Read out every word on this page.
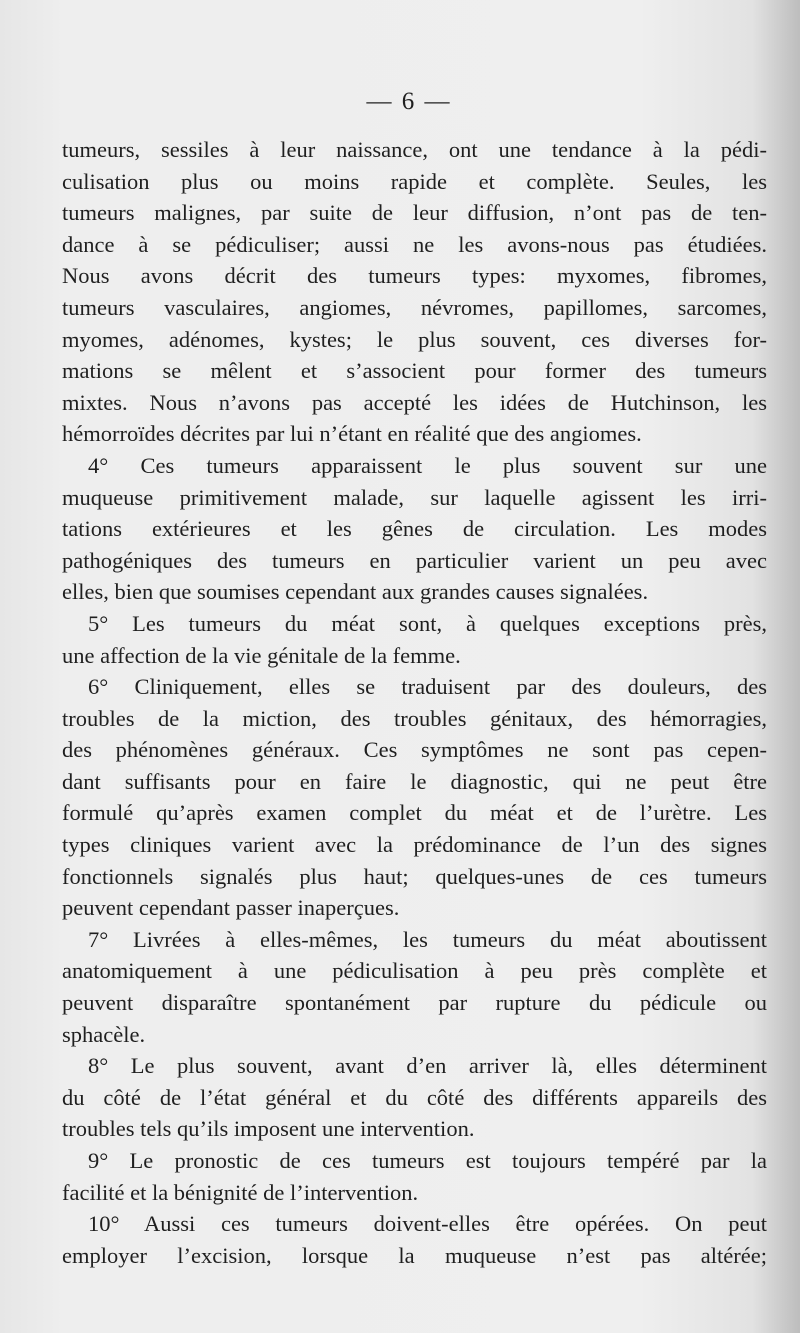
— 6 —
tumeurs, sessiles à leur naissance, ont une tendance à la pédi-
culisation plus ou moins rapide et complète. Seules, les
tumeurs malignes, par suite de leur diffusion, n’ont pas de ten-
dance à se pédiculiser; aussi ne les avons-nous pas étudiées.
Nous avons décrit des tumeurs types: myxomes, fibromes,
tumeurs vasculaires, angiomes, névromes, papillomes, sarcomes,
myomes, adénomes, kystes; le plus souvent, ces diverses for-
mations se mêlent et s’associent pour former des tumeurs
mixtes. Nous n’avons pas accepté les idées de Hutchinson, les
hémorroïdes décrites par lui n’étant en réalité que des angiomes.
4° Ces tumeurs apparaissent le plus souvent sur une
muqueuse primitivement malade, sur laquelle agissent les irri-
tations extérieures et les gênes de circulation. Les modes
pathogéniques des tumeurs en particulier varient un peu avec
elles, bien que soumises cependant aux grandes causes signalées.
5° Les tumeurs du méat sont, à quelques exceptions près,
une affection de la vie génitale de la femme.
6° Cliniquement, elles se traduisent par des douleurs, des
troubles de la miction, des troubles génitaux, des hémorragies,
des phénomènes généraux. Ces symptômes ne sont pas cepen-
dant suffisants pour en faire le diagnostic, qui ne peut être
formulé qu’après examen complet du méat et de l’urètre. Les
types cliniques varient avec la prédominance de l’un des signes
fonctionnels signalés plus haut; quelques-unes de ces tumeurs
peuvent cependant passer inaperçues.
7° Livrées à elles-mêmes, les tumeurs du méat aboutissent
anatomiquement à une pédiculisation à peu près complète et
peuvent disparaître spontanément par rupture du pédicule ou
sphacèle.
8° Le plus souvent, avant d’en arriver là, elles déterminent
du côté de l’état général et du côté des différents appareils des
troubles tels qu’ils imposent une intervention.
9° Le pronostic de ces tumeurs est toujours tempéré par la
facilité et la bénignité de l’intervention.
10° Aussi ces tumeurs doivent-elles être opérées. On peut
employer l’excision, lorsque la muqueuse n’est pas altérée;
